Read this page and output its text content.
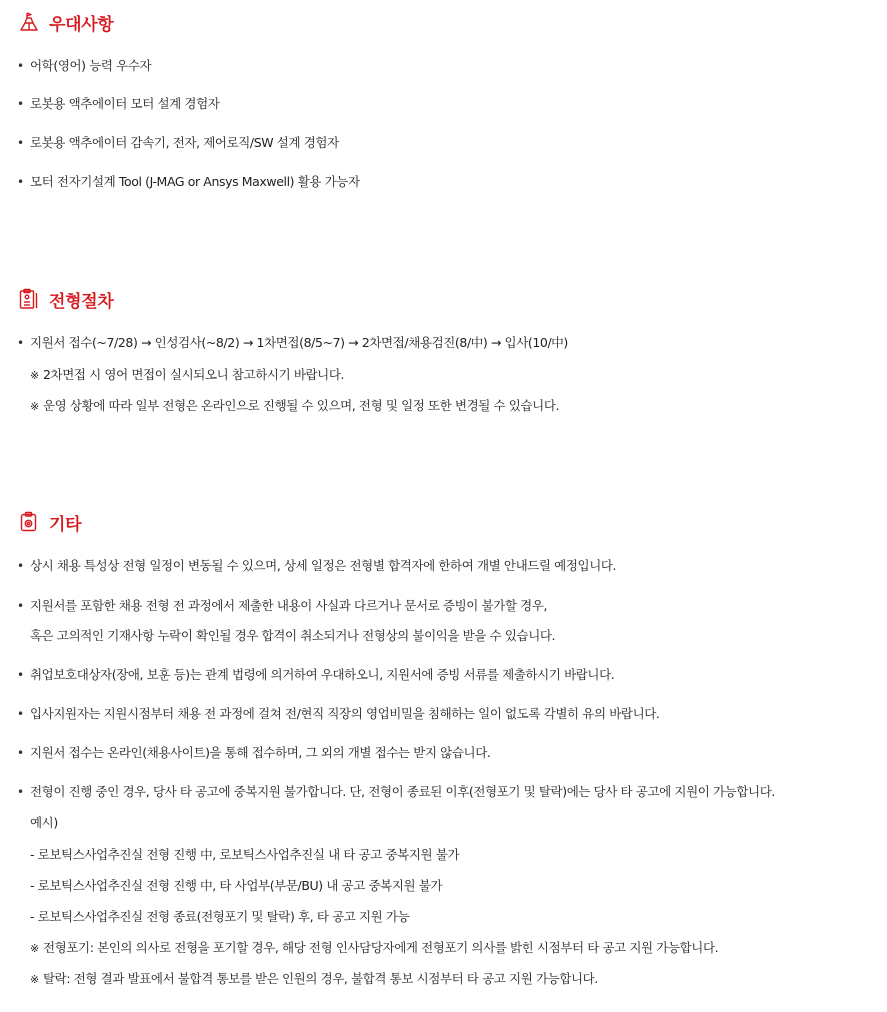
우대사항
• 어학(영어) 능력 우수자
• 로봇용 액추에이터 모터 설계 경험자
• 로봇용 액추에이터 감속기, 전자, 제어로직/SW 설계 경험자
• 모터 전자기설계 Tool (J-MAG or Ansys Maxwell) 활용 가능자
전형절차
• 지원서 접수(~7/28) → 인성검사(~8/2) → 1차면접(8/5~7) → 2차면접/채용검진(8/中) → 입사(10/中)
※ 2차면접 시 영어 면접이 실시되오니 참고하시기 바랍니다.
※ 운영 상황에 따라 일부 전형은 온라인으로 진행될 수 있으며, 전형 및 일정 또한 변경될 수 있습니다.
기타
• 상시 채용 특성상 전형 일정이 변동될 수 있으며, 상세 일정은 전형별 합격자에 한하여 개별 안내드릴 예정입니다.
• 지원서를 포함한 채용 전형 전 과정에서 제출한 내용이 사실과 다르거나 문서로 증빙이 불가할 경우,
혹은 고의적인 기재사항 누락이 확인될 경우 합격이 취소되거나 전형상의 불이익을 받을 수 있습니다.
• 취업보호대상자(장애, 보훈 등)는 관계 법령에 의거하여 우대하오니, 지원서에 증빙 서류를 제출하시기 바랍니다.
• 입사지원자는 지원시점부터 채용 전 과정에 걸쳐 전/현직 직장의 영업비밀을 침해하는 일이 없도록 각별히 유의 바랍니다.
• 지원서 접수는 온라인(채용사이트)을 통해 접수하며, 그 외의 개별 접수는 받지 않습니다.
• 전형이 진행 중인 경우, 당사 타 공고에 중복지원 불가합니다. 단, 전형이 종료된 이후(전형포기 및 탈락)에는 당사 타 공고에 지원이 가능합니다.
예시)
- 로보틱스사업추진실 전형 진행 中, 로보틱스사업추진실 내 타 공고 중복지원 불가
- 로보틱스사업추진실 전형 진행 中, 타 사업부(부문/BU) 내 공고 중복지원 불가
- 로보틱스사업추진실 전형 종료(전형포기 및 탈락) 후, 타 공고 지원 가능
※ 전형포기: 본인의 의사로 전형을 포기할 경우, 해당 전형 인사담당자에게 전형포기 의사를 밝힌 시점부터 타 공고 지원 가능합니다.
※ 탈락: 전형 결과 발표에서 불합격 통보를 받은 인원의 경우, 불합격 통보 시점부터 타 공고 지원 가능합니다.
